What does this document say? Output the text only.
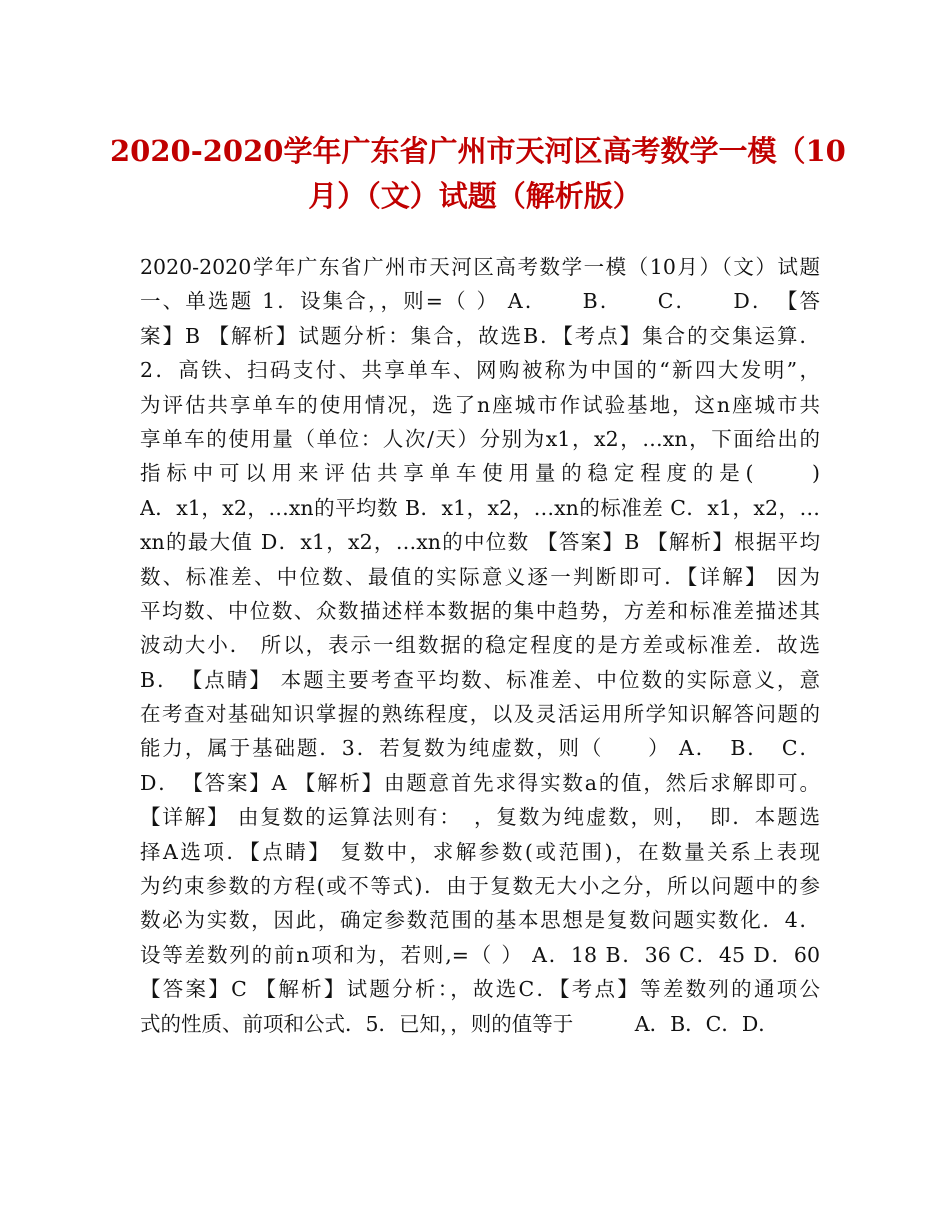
2020-2020学年广东省广州市天河区高考数学一模（10
月）（文）试题（解析版）
2020-2020学年广东省广州市天河区高考数学一模（10月）（文）试题
一、单选题 1．设集合，，则=（ ） A．　　B．　　C．　　D．　【答
案】B 【解析】试题分析：集合，故选B．【考点】集合的交集运算．
2．高铁、扫码支付、共享单车、网购被称为中国的“新四大发明”，
为评估共享单车的使用情况，选了n座城市作试验基地，这n座城市共
享单车的使用量（单位：人次/天）分别为x1，x2，…xn，下面给出的
指标中可以用来评估共享单车使用量的稳定程度的是(　　)
A．x1，x2，…xn的平均数 B．x1，x2，…xn的标准差 C．x1，x2，…
xn的最大值 D．x1，x2，…xn的中位数 【答案】B 【解析】根据平均
数、标准差、中位数、最值的实际意义逐一判断即可．【详解】 因为
平均数、中位数、众数描述样本数据的集中趋势，方差和标准差描述其
波动大小． 所以，表示一组数据的稳定程度的是方差或标准差．故选
B．　【点睛】 本题主要考查平均数、标准差、中位数的实际意义，意
在考查对基础知识掌握的熟练程度，以及灵活运用所学知识解答问题的
能力，属于基础题．3．若复数为纯虚数，则（　　） A．　B．　C．
D．　【答案】A 【解析】由题意首先求得实数a的值，然后求解即可。
【详解】 由复数的运算法则有：　，复数为纯虚数，则，　即．本题选
择A选项．【点睛】 复数中，求解参数(或范围)，在数量关系上表现
为约束参数的方程(或不等式)．由于复数无大小之分，所以问题中的参
数必为实数，因此，确定参数范围的基本思想是复数问题实数化．4．
设等差数列的前n项和为，若则,=（ ） A．18 B．36 C．45 D．60
【答案】C 【解析】试题分析：，故选C．【考点】等差数列的通项公
式的性质、前项和公式．5．已知，，则的值等于　　　A．B．C．D．
